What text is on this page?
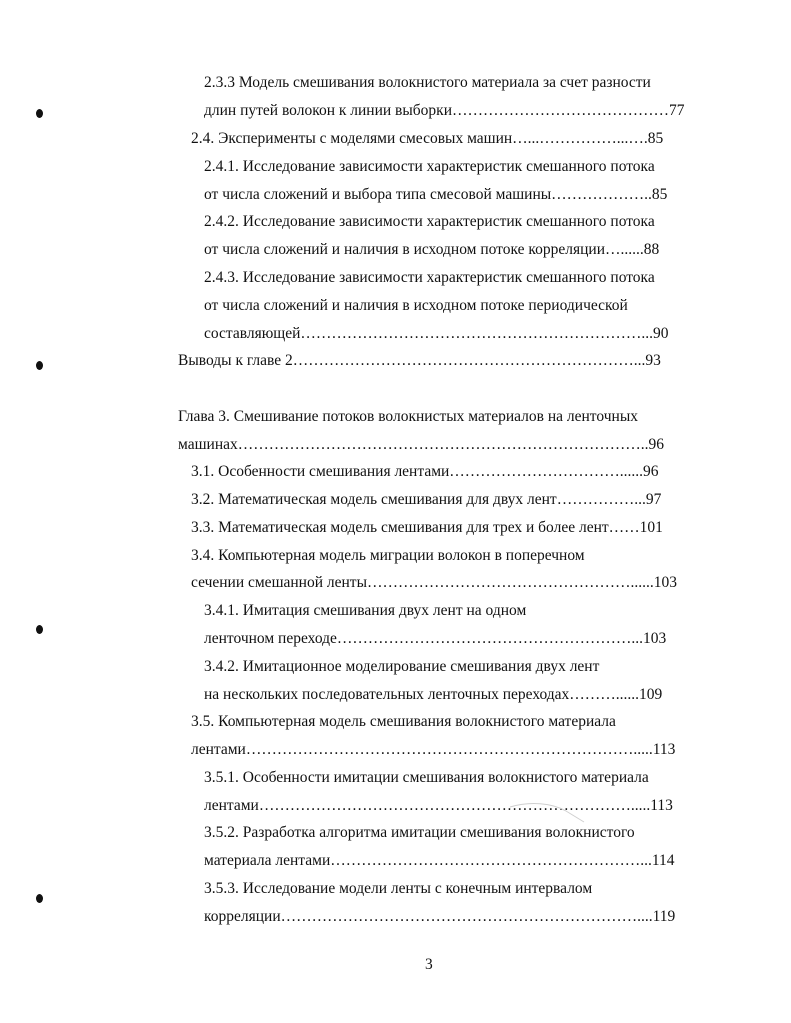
2.3.3 Модель смешивания волокнистого материала за счет разности
длин путей волокон к линии выборки……………………………………77
2.4. Эксперименты с моделями смесовых машин…...……………...….85
2.4.1. Исследование зависимости характеристик смешанного потока
от числа сложений и выбора типа смесовой машины………………..85
2.4.2. Исследование зависимости характеристик смешанного потока
от числа сложений и наличия в исходном потоке корреляции…......88
2.4.3. Исследование зависимости характеристик смешанного потока
от числа сложений и наличия в исходном потоке периодической
составляющей…………………………………………………………...90
Выводы к главе 2…………………………………………………………...93
Глава 3. Смешивание потоков волокнистых материалов на ленточных
машинах……………………………………………………………………..96
3.1. Особенности смешивания лентами……………………………......96
3.2. Математическая модель смешивания для двух лент……………...97
3.3. Математическая модель смешивания для трех и более лент……101
3.4. Компьютерная модель миграции волокон в поперечном
сечении смешанной ленты……………………………………………......103
3.4.1. Имитация смешивания двух лент на одном
ленточном переходе…………………………………………………...103
3.4.2. Имитационное моделирование смешивания двух лент
на нескольких последовательных ленточных переходах………......109
3.5. Компьютерная модель смешивания волокнистого материала
лентами………………………………………………………………….....113
3.5.1. Особенности имитации смешивания волокнистого материала
лентами……………………………………………………………….....113
3.5.2. Разработка алгоритма имитации смешивания волокнистого
материала лентами……………………………………………………...114
3.5.3. Исследование модели ленты с конечным интервалом
корреляции……………………………………………………………....119
3
